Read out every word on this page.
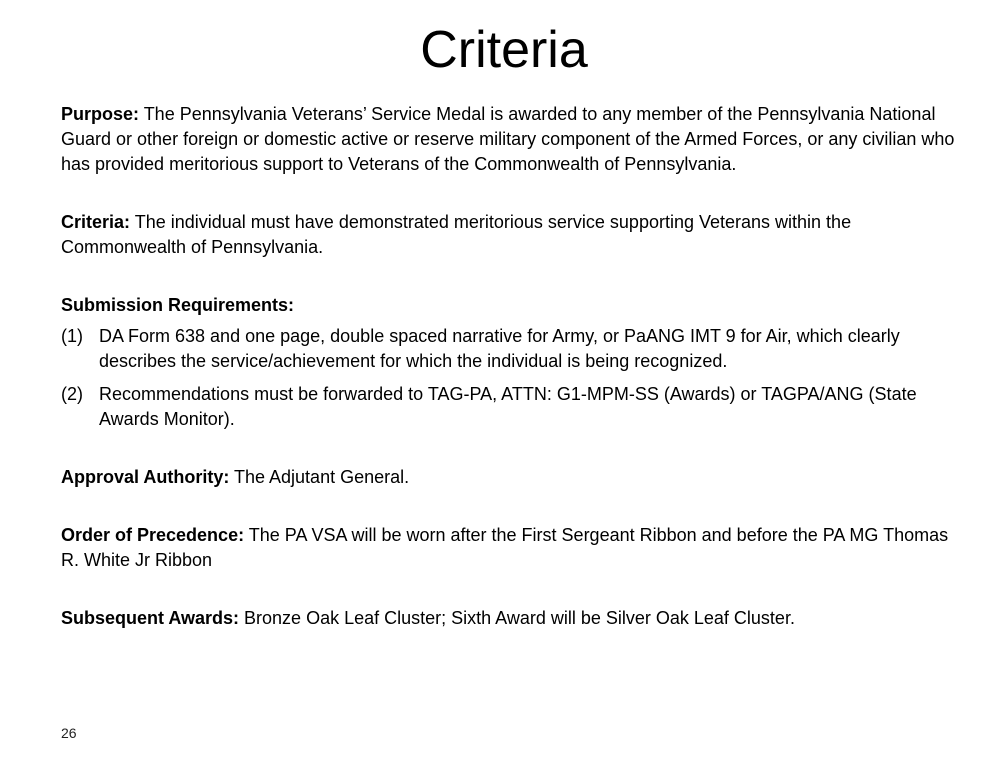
Criteria

Purpose: The Pennsylvania Veterans’ Service Medal is awarded to any member of the Pennsylvania National Guard or other foreign or domestic active or reserve military component of the Armed Forces, or any civilian who has provided meritorious support to Veterans of the Commonwealth of Pennsylvania.

Criteria: The individual must have demonstrated meritorious service supporting Veterans within the Commonwealth of Pennsylvania.

Submission Requirements:

(1) DA Form 638 and one page, double spaced narrative for Army, or PaANG IMT 9 for Air, which clearly describes the service/achievement for which the individual is being recognized.
(2) Recommendations must be forwarded to TAG-PA, ATTN: G1-MPM-SS (Awards) or TAGPA/ANG (State Awards Monitor).

Approval Authority: The Adjutant General.

Order of Precedence: The PA VSA will be worn after the First Sergeant Ribbon and before the PA MG Thomas R. White Jr Ribbon

Subsequent Awards: Bronze Oak Leaf Cluster; Sixth Award will be Silver Oak Leaf Cluster.

26
